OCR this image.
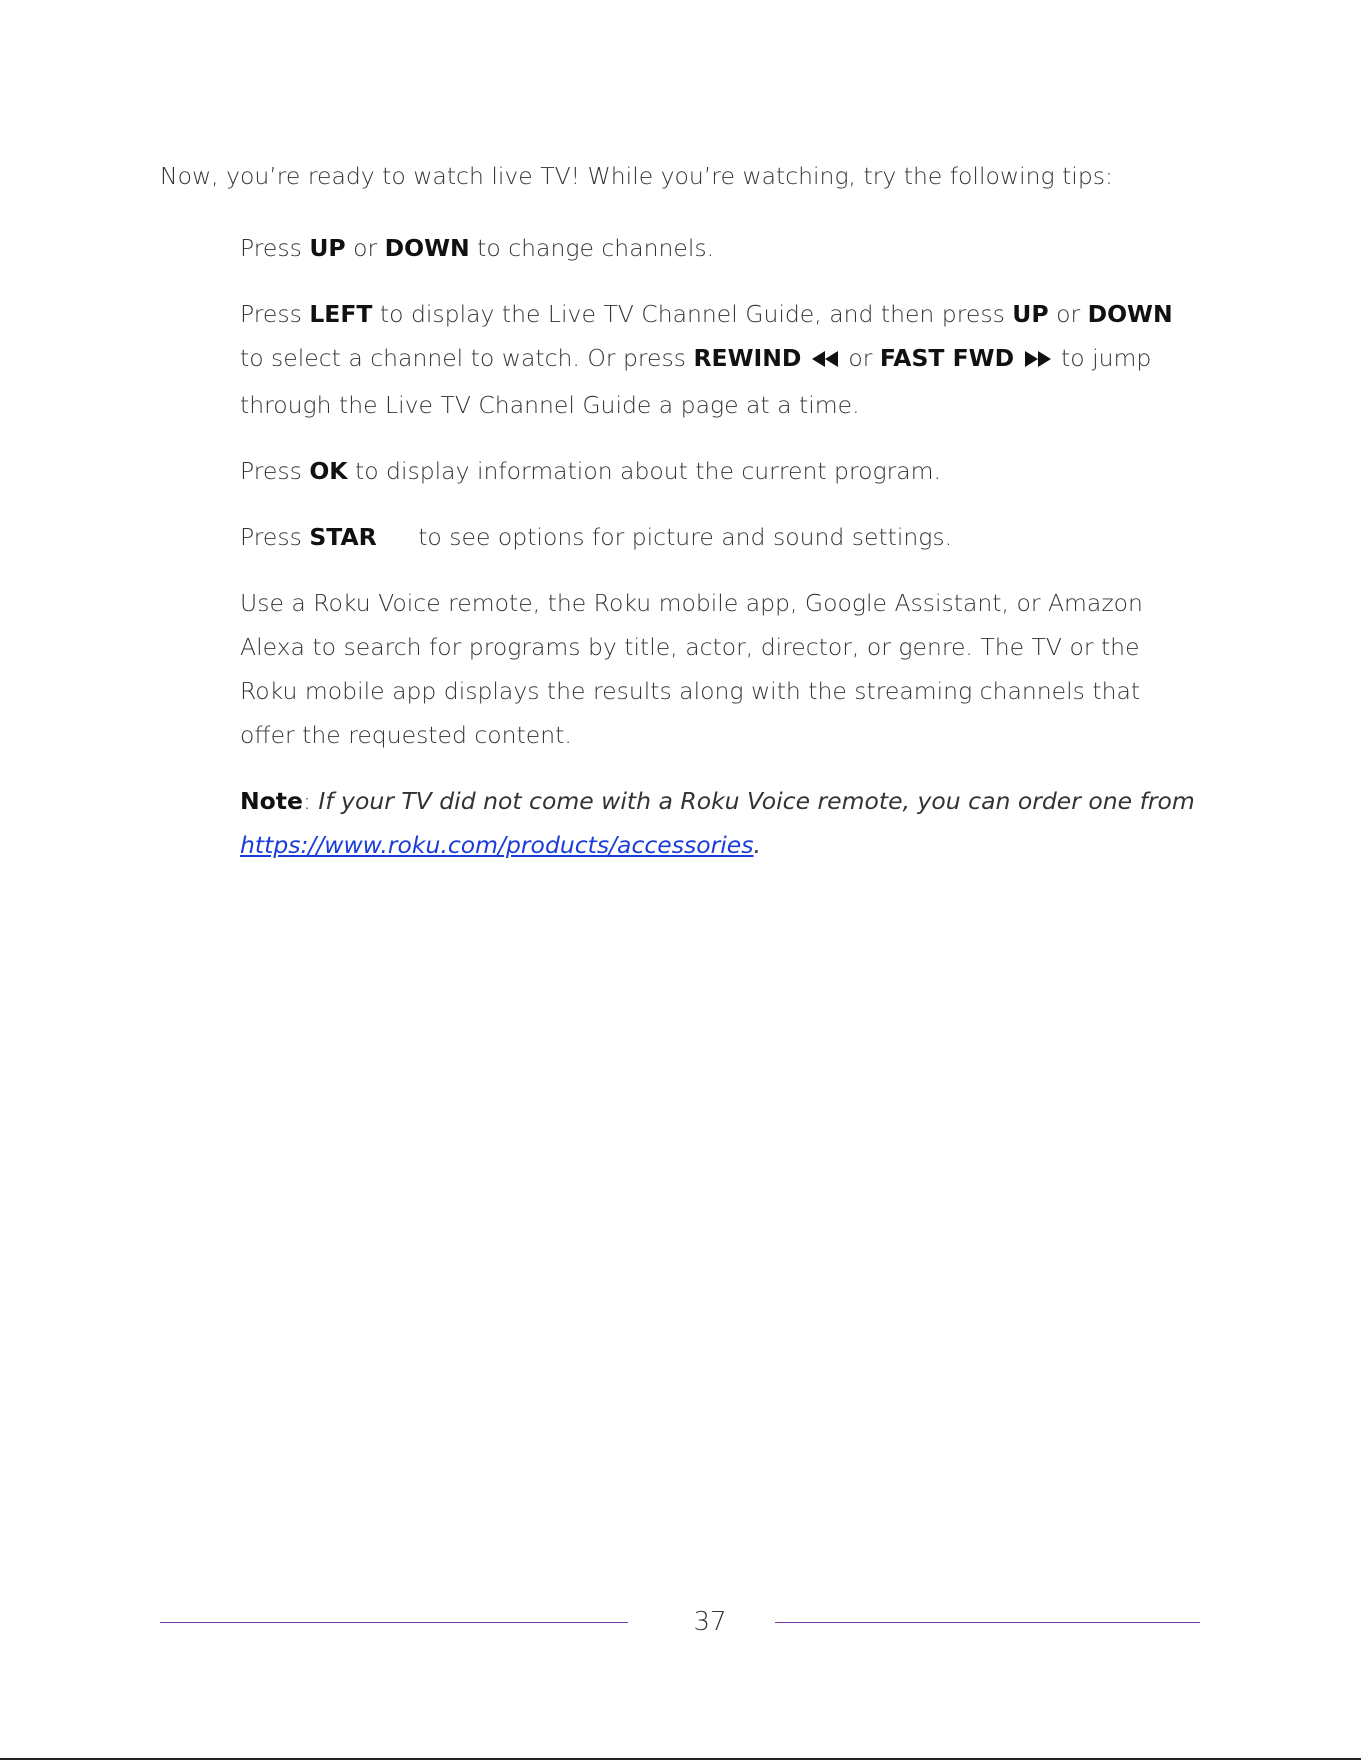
Now, you’re ready to watch live TV! While you’re watching, try the following tips:

Press UP or DOWN to change channels.

Press LEFT to display the Live TV Channel Guide, and then press UP or DOWN to select a channel to watch. Or press REWIND  or FAST FWD  to jump through the Live TV Channel Guide a page at a time.

Press OK to display information about the current program.

Press STAR to see options for picture and sound settings.

Use a Roku Voice remote, the Roku mobile app, Google Assistant, or Amazon Alexa to search for programs by title, actor, director, or genre. The TV or the Roku mobile app displays the results along with the streaming channels that offer the requested content.

Note: If your TV did not come with a Roku Voice remote, you can order one from https://www.roku.com/products/accessories.

37
